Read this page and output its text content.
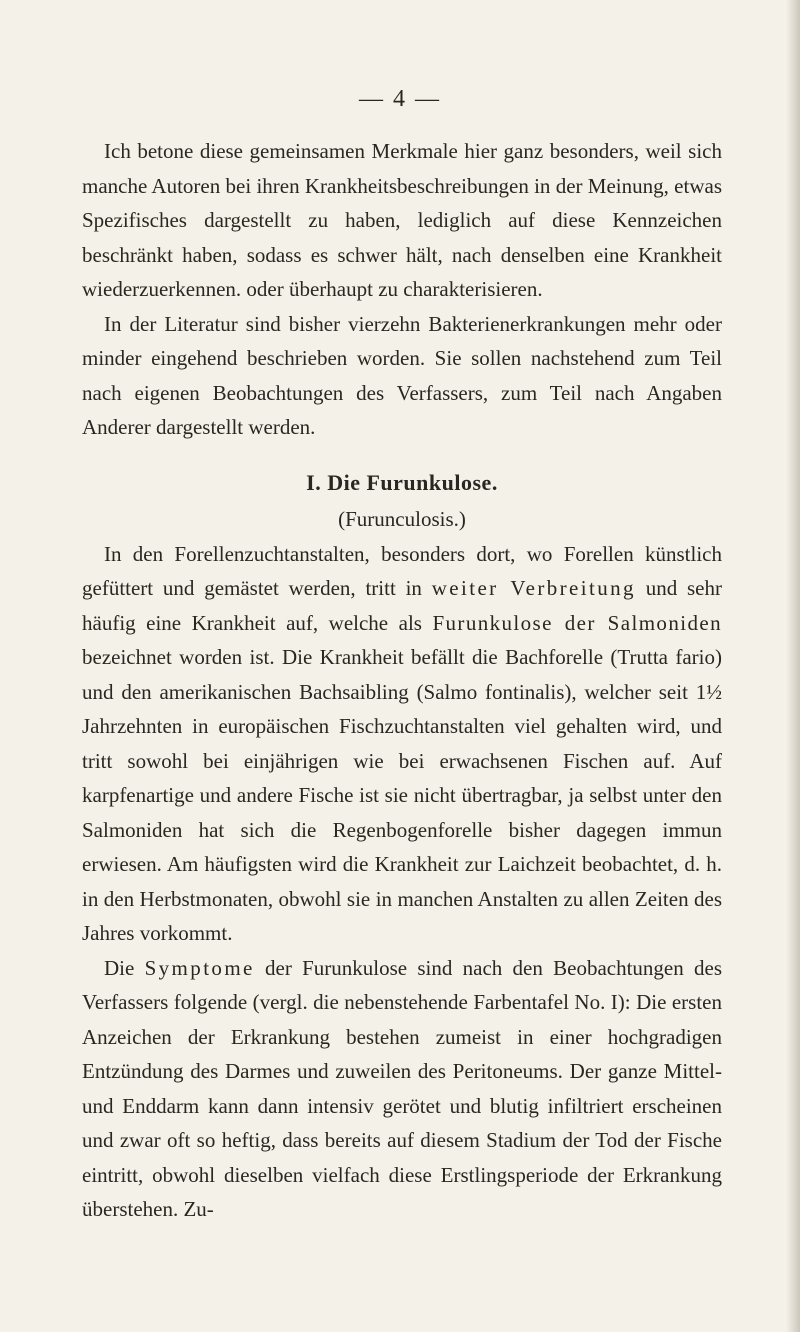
— 4 —

Ich betone diese gemeinsamen Merkmale hier ganz besonders, weil sich manche Autoren bei ihren Krankheitsbeschreibungen in der Meinung, etwas Spezifisches dargestellt zu haben, lediglich auf diese Kennzeichen beschränkt haben, sodass es schwer hält, nach denselben eine Krankheit wiederzuerkennen. oder überhaupt zu charakterisieren.

In der Literatur sind bisher vierzehn Bakterienerkrankungen mehr oder minder eingehend beschrieben worden. Sie sollen nachstehend zum Teil nach eigenen Beobachtungen des Verfassers, zum Teil nach Angaben Anderer dargestellt werden.

I. Die Furunkulose.
(Furunculosis.)

In den Forellenzuchtanstalten, besonders dort, wo Forellen künstlich gefüttert und gemästet werden, tritt in weiter Verbreitung und sehr häufig eine Krankheit auf, welche als Furunkulose der Salmoniden bezeichnet worden ist. Die Krankheit befällt die Bachforelle (Trutta fario) und den amerikanischen Bachsaibling (Salmo fontinalis), welcher seit 1½ Jahrzehnten in europäischen Fischzuchtanstalten viel gehalten wird, und tritt sowohl bei einjährigen wie bei erwachsenen Fischen auf. Auf karpfenartige und andere Fische ist sie nicht übertragbar, ja selbst unter den Salmoniden hat sich die Regenbogenforelle bisher dagegen immun erwiesen. Am häufigsten wird die Krankheit zur Laichzeit beobachtet, d. h. in den Herbstmonaten, obwohl sie in manchen Anstalten zu allen Zeiten des Jahres vorkommt.

Die Symptome der Furunkulose sind nach den Beobachtungen des Verfassers folgende (vergl. die nebenstehende Farbentafel No. I): Die ersten Anzeichen der Erkrankung bestehen zumeist in einer hochgradigen Entzündung des Darmes und zuweilen des Peritoneums. Der ganze Mittel- und Enddarm kann dann intensiv gerötet und blutig infiltriert erscheinen und zwar oft so heftig, dass bereits auf diesem Stadium der Tod der Fische eintritt, obwohl dieselben vielfach diese Erstlingsperiode der Erkrankung überstehen. Zu-
